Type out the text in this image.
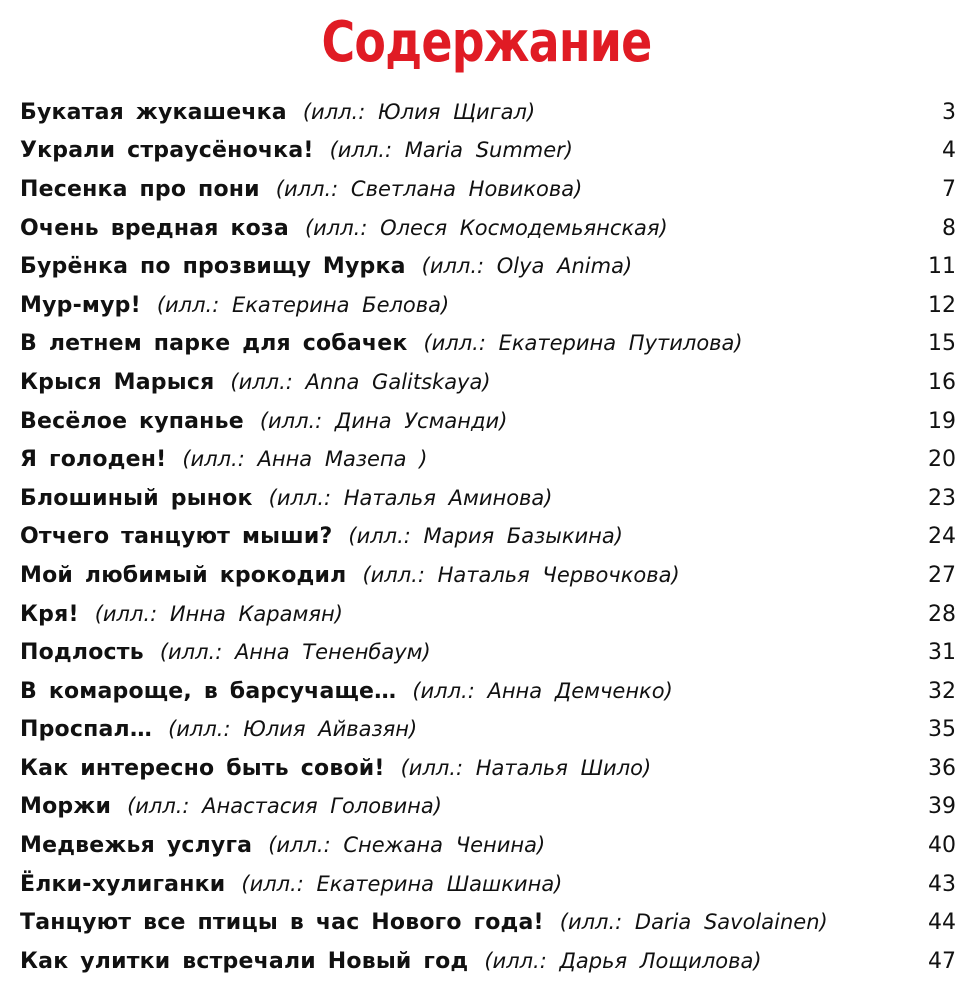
Содержание
Букатая жукашечка (илл.: Юлия Щигал)	3
Украли страусёночка! (илл.: Maria Summer)	4
Песенка про пони (илл.: Светлана Новикова)	7
Очень вредная коза (илл.: Олеся Космодемьянская)	8
Бурёнка по прозвищу Мурка (илл.: Olya Anima)	11
Мур-мур! (илл.: Екатерина Белова)	12
В летнем парке для собачек (илл.: Екатерина Путилова)	15
Крыся Марыся (илл.: Anna Galitskaya)	16
Весёлое купанье (илл.: Дина Усманди)	19
Я голоден! (илл.: Анна Мазепа )	20
Блошиный рынок (илл.: Наталья Аминова)	23
Отчего танцуют мыши? (илл.: Мария Базыкина)	24
Мой любимый крокодил (илл.: Наталья Червочкова)	27
Кря! (илл.: Инна Карамян)	28
Подлость (илл.: Анна Тененбаум)	31
В комароще, в барсучаще… (илл.: Анна Демченко)	32
Проспал… (илл.: Юлия Айвазян)	35
Как интересно быть совой! (илл.: Наталья Шило)	36
Моржи (илл.: Анастасия Головина)	39
Медвежья услуга (илл.: Снежана Ченина)	40
Ёлки-хулиганки (илл.: Екатерина Шашкина)	43
Танцуют все птицы в час Нового года! (илл.: Daria Savolainen)	44
Как улитки встречали Новый год (илл.: Дарья Лощилова)	47
